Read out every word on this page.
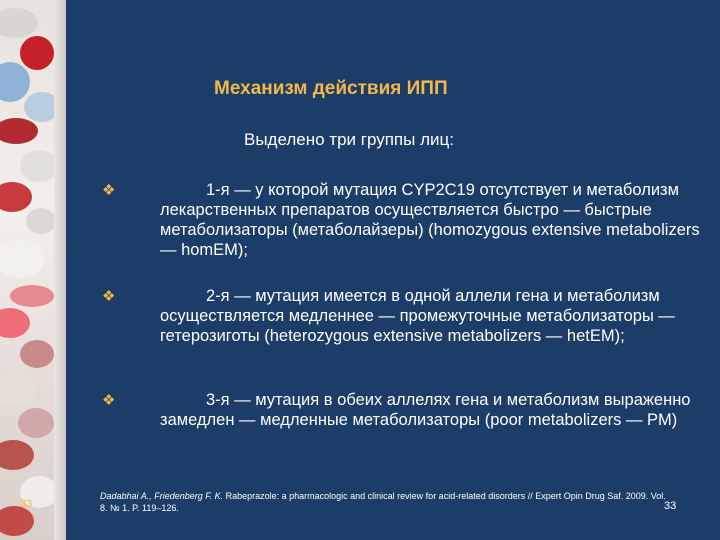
Механизм действия ИПП
Выделено три группы лиц:
❖	1-я — у которой мутация CYP2C19 отсутствует и метаболизм лекарственных препаратов осуществляется быстро — быстрые метаболизаторы (метаболайзеры) (homozygous extensive metabolizers — homEM);
❖	2-я — мутация имеется в одной аллели гена и метаболизм осуществляется медленнее — промежуточные метаболизаторы — гетерозиготы (heterozygous extensive metabolizers — hetEM);
❖	3-я — мутация в обеих аллелях гена и метаболизм выраженно замедлен — медленные метаболизаторы (poor metabolizers — PM)
Dadabhai A., Friedenberg F. K. Rabeprazole: a pharmacologic and clinical review for acid-related disorders // Expert Opin Drug Saf. 2009. Vol. 8. № 1. P. 119–126.	33
33
